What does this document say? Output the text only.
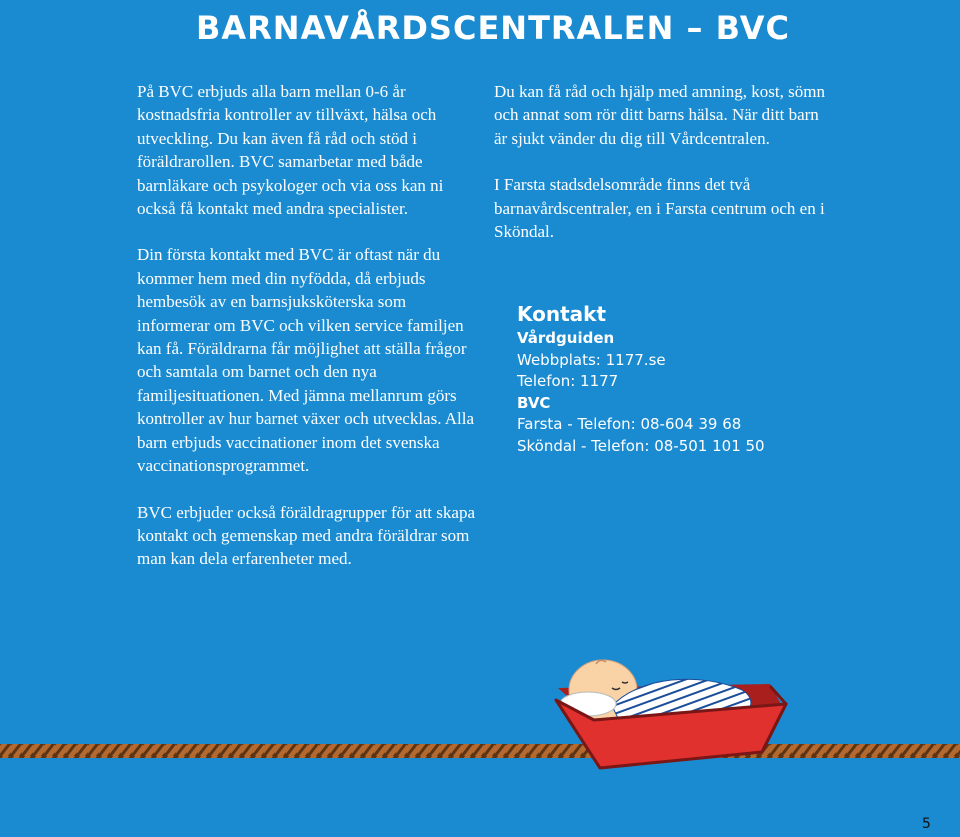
BARNAVÅRDSCENTRALEN – BVC

På BVC erbjuds alla barn mellan 0-6 år kostnadsfria kontroller av tillväxt, hälsa och utveckling. Du kan även få råd och stöd i föräldrarollen. BVC samarbetar med både barnläkare och psykologer och via oss kan ni också få kontakt med andra specialister.

Din första kontakt med BVC är oftast när du kommer hem med din nyfödda, då erbjuds hembesök av en barnsjuksköterska som informerar om BVC och vilken service familjen kan få. Föräldrarna får möjlighet att ställa frågor och samtala om barnet och den nya familjesituationen. Med jämna mellanrum görs kontroller av hur barnet växer och utvecklas. Alla barn erbjuds vaccinationer inom det svenska vaccinationsprogrammet.

BVC erbjuder också föräldragrupper för att skapa kontakt och gemenskap med andra föräldrar som man kan dela erfarenheter med.

Du kan få råd och hjälp med amning, kost, sömn och annat som rör ditt barns hälsa. När ditt barn är sjukt vänder du dig till Vårdcentralen.

I Farsta stadsdelsområde finns det två barnavårdscentraler, en i Farsta centrum och en i Sköndal.

Kontakt
Vårdguiden
Webbplats: 1177.se
Telefon: 1177
BVC
Farsta - Telefon: 08-604 39 68
Sköndal - Telefon: 08-501 101 50
5
